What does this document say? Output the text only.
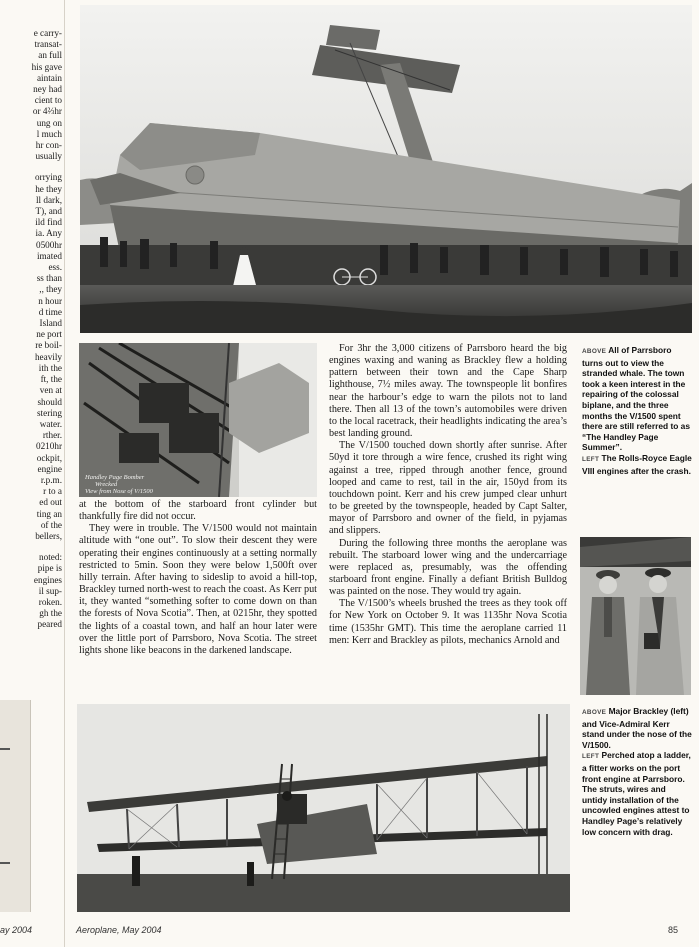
e carry-
transat-
an full
his gave
aintain
ney had
cient to
or 4⅔hr
ung on
l much
hr con-
usually
orrying
he they
ll dark,
T), and
ild find
ia. Any
0500hr
imated
ess.
ss than
,, they
n hour
d time
Island
ne port
re boil-
heavily
ith the
ft, the
ven at
should
stering
water.
rther.
0210hr
ockpit,
engine
r.p.m.
r to a
ed out
ting an
of the
bellers,
noted:
pipe is
engines
il sup-
roken.
gh the
peared
Handley Page Bomber
Wrecked
View from Nose of V/1500

at the bottom of the starboard front cylinder but thankfully fire did not occur.

They were in trouble. The V/1500 would not maintain altitude with “one out”. To slow their descent they were operating their engines continuously at a setting normally restricted to 5min. Soon they were below 1,500ft over hilly terrain. After having to sideslip to avoid a hill-top, Brackley turned north-west to reach the coast. As Kerr put it, they wanted “something softer to come down on than the forests of Nova Scotia”. Then, at 0215hr, they spotted the lights of a coastal town, and half an hour later were over the little port of Parrsboro, Nova Scotia. The street lights shone like beacons in the darkened landscape.

For 3hr the 3,000 citizens of Parrsboro heard the big engines waxing and waning as Brackley flew a holding pattern between their town and the Cape Sharp lighthouse, 7½ miles away. The townspeople lit bonfires near the harbour’s edge to warn the pilots not to land there. Then all 13 of the town’s automobiles were driven to the local racetrack, their headlights indicating the area’s best landing ground.

The V/1500 touched down shortly after sunrise. After 50yd it tore through a wire fence, crushed its right wing against a tree, ripped through another fence, ground looped and came to rest, tail in the air, 150yd from its touchdown point. Kerr and his crew jumped clear unhurt to be greeted by the townspeople, headed by Capt Salter, mayor of Parrsboro and owner of the field, in pyjamas and slippers.

During the following three months the aeroplane was rebuilt. The starboard lower wing and the undercarriage were replaced as, presumably, was the offending starboard front engine. Finally a defiant British Bulldog was painted on the nose. They would try again.

The V/1500’s wheels brushed the trees as they took off for New York on October 9. It was 1135hr Nova Scotia time (1535hr GMT). This time the aeroplane carried 11 men: Kerr and Brackley as pilots, mechanics Arnold and

ABOVE All of Parrsboro turns out to view the stranded whale. The town took a keen interest in the repairing of the colossal biplane, and the three months the V/1500 spent there are still referred to as “The Handley Page Summer”.
LEFT The Rolls-Royce Eagle VIII engines after the crash.
ABOVE Major Brackley (left) and Vice-Admiral Kerr stand under the nose of the V/1500.
LEFT Perched atop a ladder, a fitter works on the port front engine at Parrsboro. The struts, wires and untidy installation of the uncowled engines attest to Handley Page’s relatively low concern with drag.
ay 2004	Aeroplane, May 2004	85
